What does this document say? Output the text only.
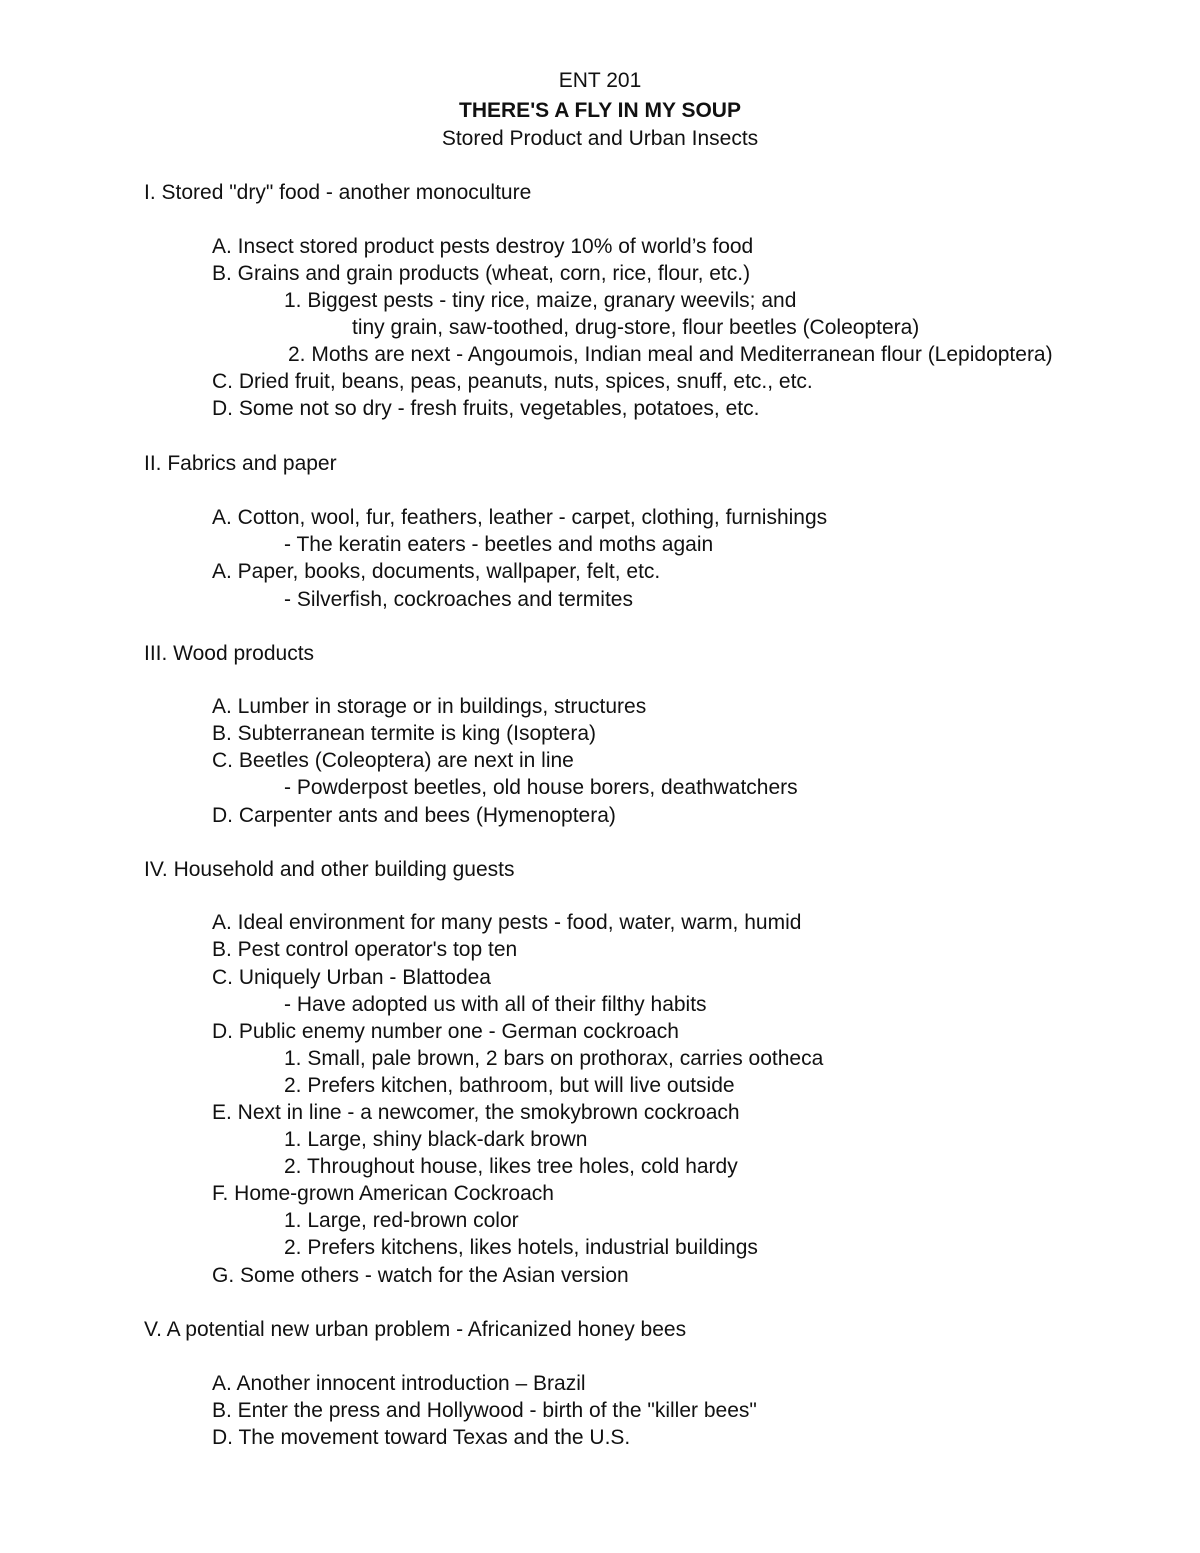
ENT 201
THERE'S A FLY IN MY SOUP
Stored Product and Urban Insects
I. Stored "dry" food - another monoculture
A. Insect stored product pests destroy 10% of world’s food
B. Grains and grain products (wheat, corn, rice, flour, etc.)
1. Biggest pests - tiny rice, maize, granary weevils; and
tiny grain, saw-toothed, drug-store, flour beetles (Coleoptera)
2. Moths are next - Angoumois, Indian meal and Mediterranean flour (Lepidoptera)
C. Dried fruit, beans, peas, peanuts, nuts, spices, snuff, etc., etc.
D. Some not so dry - fresh fruits, vegetables, potatoes, etc.
II. Fabrics and paper
A. Cotton, wool, fur, feathers, leather - carpet, clothing, furnishings
- The keratin eaters - beetles and moths again
A. Paper, books, documents, wallpaper, felt, etc.
- Silverfish, cockroaches and termites
III. Wood products
A. Lumber in storage or in buildings, structures
B. Subterranean termite is king (Isoptera)
C. Beetles (Coleoptera) are next in line
- Powderpost beetles, old house borers, deathwatchers
D. Carpenter ants and bees (Hymenoptera)
IV. Household and other building guests
A. Ideal environment for many pests - food, water, warm, humid
B. Pest control operator's top ten
C. Uniquely Urban - Blattodea
- Have adopted us with all of their filthy habits
D. Public enemy number one - German cockroach
1. Small, pale brown, 2 bars on prothorax, carries ootheca
2. Prefers kitchen, bathroom, but will live outside
E. Next in line - a newcomer, the smokybrown cockroach
1. Large, shiny black-dark brown
2. Throughout house, likes tree holes, cold hardy
F. Home-grown American Cockroach
1. Large, red-brown color
2. Prefers kitchens, likes hotels, industrial buildings
G. Some others - watch for the Asian version
V. A potential new urban problem - Africanized honey bees
A. Another innocent introduction – Brazil
B. Enter the press and Hollywood - birth of the "killer bees"
D. The movement toward Texas and the U.S.
